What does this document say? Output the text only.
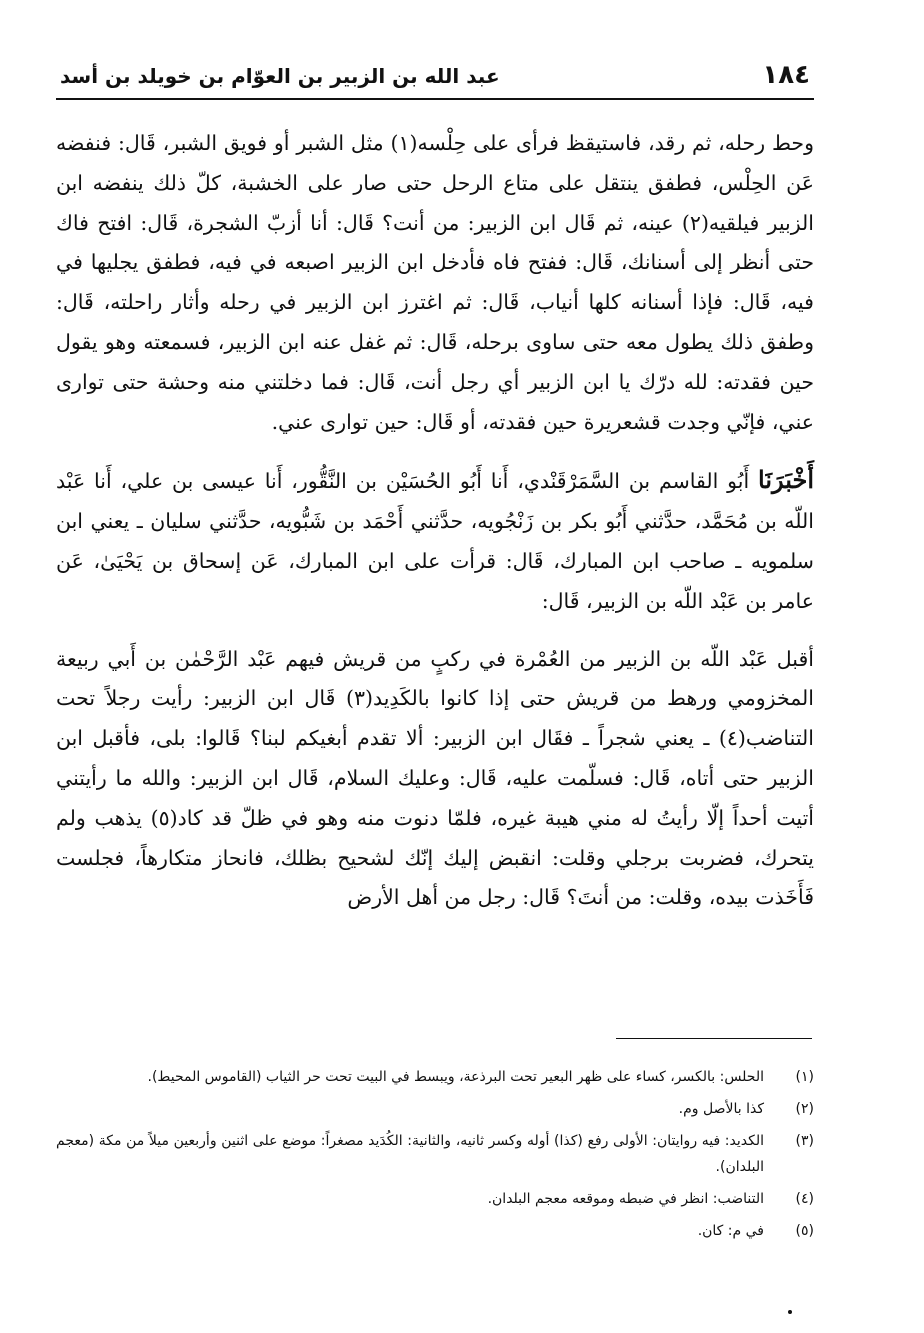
١٨٤
عبد الله بن الزبير بن العوّام بن خويلد بن أسد

وحط رحله، ثم رقد، فاستيقظ فرأى على حِلْسه(١) مثل الشبر أو فويق الشبر، قَال: فنفضه عَن الحِلْس، فطفق ينتقل على متاع الرحل حتى صار على الخشبة، كلّ ذلك ينفضه ابن الزبير فيلقيه(٢) عينه، ثم قَال ابن الزبير: من أنت؟ قَال: أنا أزبّ الشجرة، قَال: افتح فاك حتى أنظر إلى أسنانك، قَال: ففتح فاه فأدخل ابن الزبير اصبعه في فيه، فطفق يجليها في فيه، قَال: فإذا أسنانه كلها أنياب، قَال: ثم اغترز ابن الزبير في رحله وأثار راحلته، قَال: وطفق ذلك يطول معه حتى ساوى برحله، قَال: ثم غفل عنه ابن الزبير، فسمعته وهو يقول حين فقدته: لله درّك يا ابن الزبير أي رجل أنت، قَال: فما دخلتني منه وحشة حتى توارى عني، فإنّي وجدت قشعريرة حين فقدته، أو قَال: حين توارى عني.

أَخْبَرَنَا أَبُو القاسم بن السَّمَرْقَنْدي، أَنا أَبُو الحُسَيْن بن النَّقُّور، أَنا عيسى بن علي، أَنا عَبْد اللّه بن مُحَمَّد، حدَّثني أَبُو بكر بن زَنْجُويه، حدَّثني أَحْمَد بن شَبُّويه، حدَّثني سليان ـ يعني ابن سلمويه ـ صاحب ابن المبارك، قَال: قرأت على ابن المبارك، عَن إسحاق بن يَحْيَىٰ، عَن عامر بن عَبْد اللّه بن الزبير، قَال:

أقبل عَبْد اللّه بن الزبير من العُمْرة في ركبٍ من قريش فيهم عَبْد الرَّحْمٰن بن أَبي ربيعة المخزومي ورهط من قريش حتى إذا كانوا بالكَدِيد(٣) قَال ابن الزبير: رأيت رجلاً تحت التناضب(٤) ـ يعني شجراً ـ فقَال ابن الزبير: ألا تقدم أبغيكم لبنا؟ قَالوا: بلى، فأقبل ابن الزبير حتى أتاه، قَال: فسلّمت عليه، قَال: وعليك السلام، قَال ابن الزبير: والله ما رأيتني أتيت أحداً إلّا رأيتُ له مني هيبة غيره، فلمّا دنوت منه وهو في ظلّ قد كاد(٥) يذهب ولم يتحرك، فضربت برجلي وقلت: انقبض إليك إنّك لشحيح بظلك، فانحاز متكارهاً، فجلست فَأَخَذت بيده، وقلت: من أنتَ؟ قَال: رجل من أهل الأرض

(١)
الحلس: بالكسر، كساء على ظهر البعير تحت البرذعة، ويبسط في البيت تحت حر الثياب (القاموس المحيط).
(٢)
كذا بالأصل وم.
(٣)
الكديد: فيه روايتان: الأولى رفع (كذا) أوله وكسر ثانيه، والثانية: الكُدَيد مصغراً: موضع على اثنين وأربعين ميلاً من مكة (معجم البلدان).
(٤)
التناضب: انظر في ضبطه وموقعه معجم البلدان.
(٥)
في م: كان.
